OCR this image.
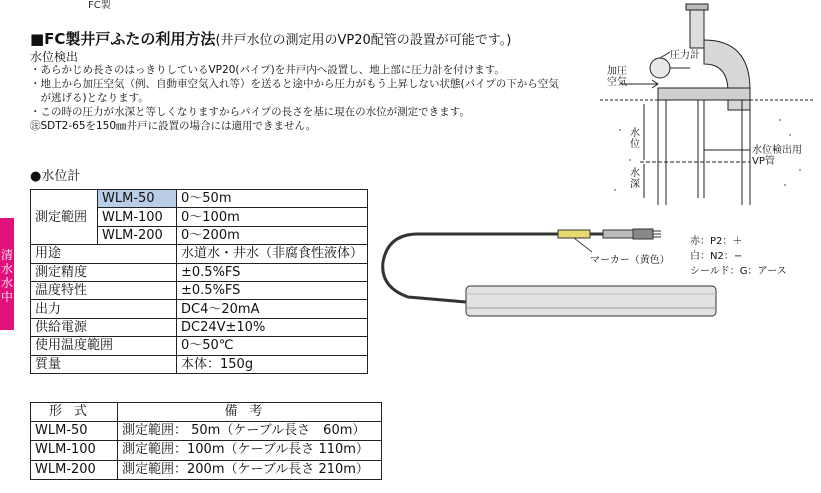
FC製
■FC製井戸ふたの利用方法(井戸水位の測定用のVP20配管の設置が可能です。)
水位検出
・あらかじめ長さのはっきりしているVP20(パイプ)を井戸内へ設置し、地上部に圧力計を付けます。
・地上から加圧空気（例、自動車空気入れ等）を送ると途中から圧力がもう上昇しない状態(パイプの下から空気
　が逃げる)となります。
・この時の圧力が水深と等しくなりますからパイプの長さを基に現在の水位が測定できます。
㊟SDT2-65を150㎜井戸に設置の場合には適用できません。
●水位計
清
水
水
中
測定範囲	WLM-50	0〜50m
	WLM-100	0〜100m
	WLM-200	0〜200m
用途		水道水・井水（非腐食性液体）
測定精度		±0.5%FS
温度特性		±0.5%FS
出力		DC4〜20mA
供給電源		DC24V±10%
使用温度範囲		0〜50℃
質量		本体：150g
形式	備考
WLM-50	測定範囲： 50m（ケーブル長さ　60m）
WLM-100	測定範囲：100m（ケーブル長さ 110m）
WLM-200	測定範囲：200m（ケーブル長さ 210m）
圧力計
加圧
空気
水
位
水
深
水位検出用
VP管
マーカー（黄色）
赤：P2：＋
白：N2：−
シールド：G：アース
